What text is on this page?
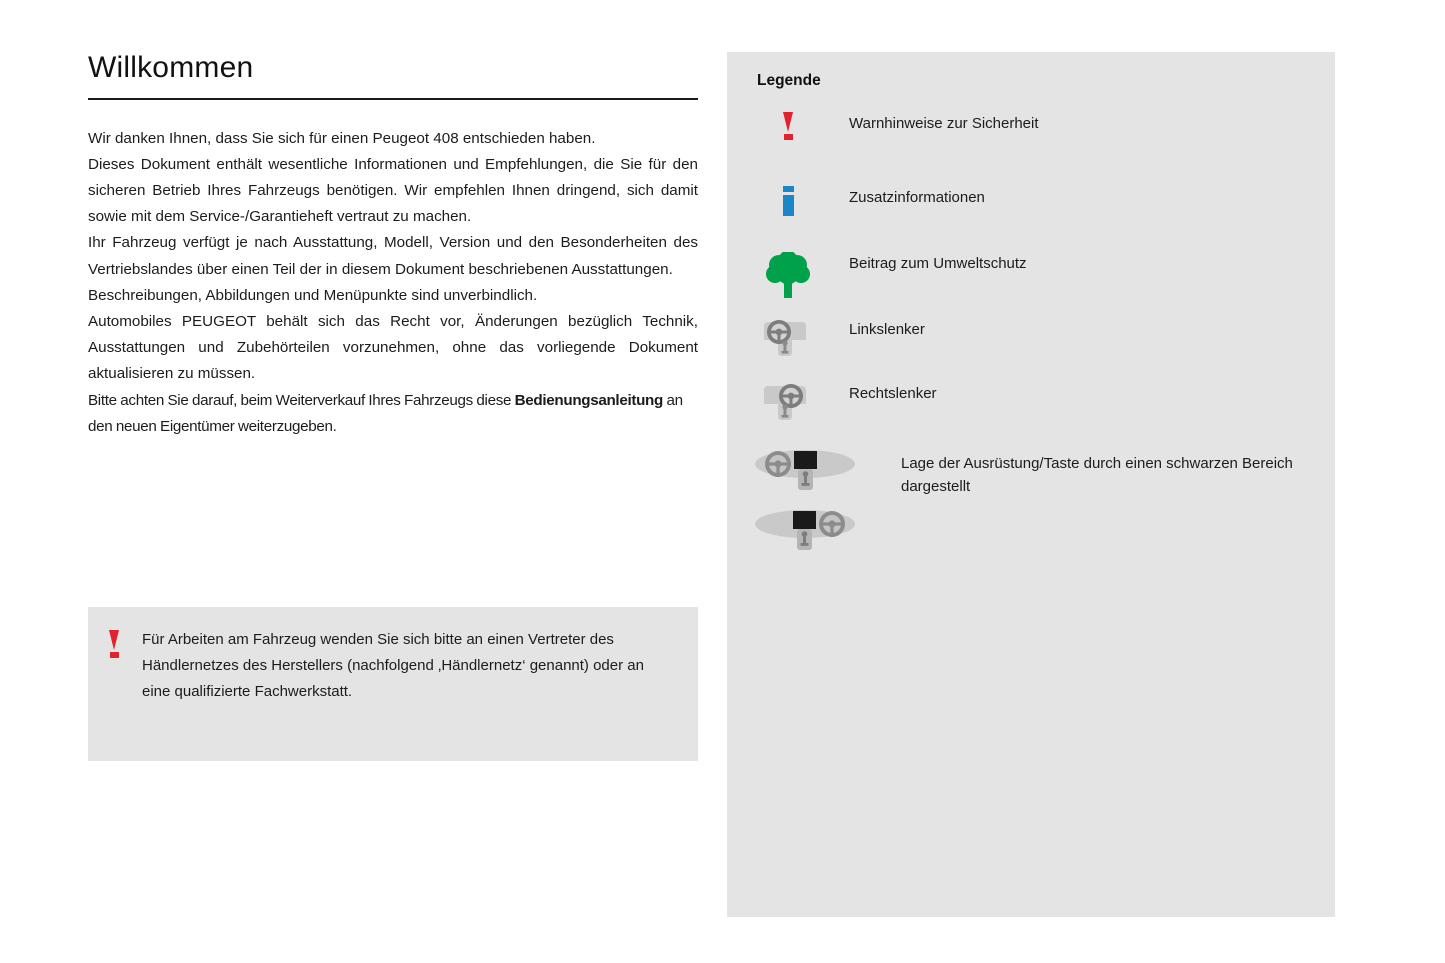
Willkommen

Wir danken Ihnen, dass Sie sich für einen Peugeot 408 entschieden haben.

Dieses Dokument enthält wesentliche Informationen und Empfehlungen, die Sie für den sicheren Betrieb Ihres Fahrzeugs benötigen. Wir empfehlen Ihnen dringend, sich damit sowie mit dem Service-/Garantieheft vertraut zu machen.

Ihr Fahrzeug verfügt je nach Ausstattung, Modell, Version und den Besonderheiten des Vertriebslandes über einen Teil der in diesem Dokument beschriebenen Ausstattungen.

Beschreibungen, Abbildungen und Menüpunkte sind unverbindlich.

Automobiles PEUGEOT behält sich das Recht vor, Änderungen bezüglich Technik, Ausstattungen und Zubehörteilen vorzunehmen, ohne das vorliegende Dokument aktualisieren zu müssen.

Bitte achten Sie darauf, beim Weiterverkauf Ihres Fahrzeugs diese Bedienungsanleitung an den neuen Eigentümer weiterzugeben.

Für Arbeiten am Fahrzeug wenden Sie sich bitte an einen Vertreter des Händlernetzes des Herstellers (nachfolgend ‚Händlernetz‘ genannt) oder an eine qualifizierte Fachwerkstatt.
Legende
Warnhinweise zur Sicherheit
Zusatzinformationen
Beitrag zum Umweltschutz
Linkslenker
Rechtslenker
Lage der Ausrüstung/Taste durch einen schwarzen Bereich dargestellt
